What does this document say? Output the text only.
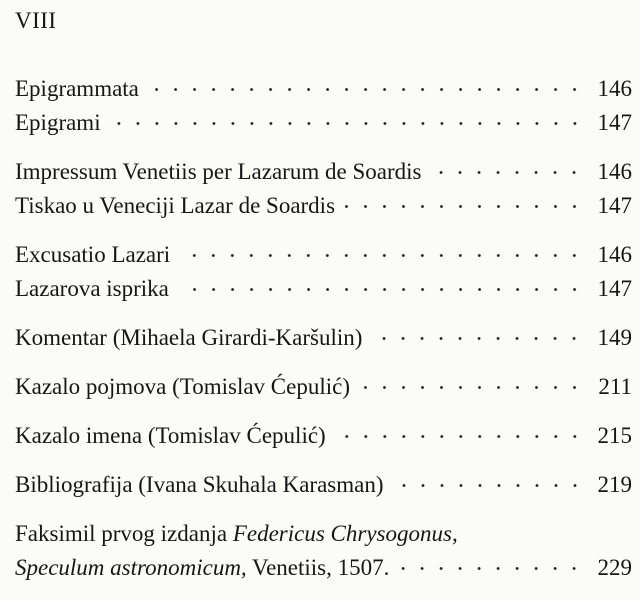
VIII
Epigrammata	146
Epigrami	147
Impressum Venetiis per Lazarum de Soardis	146
Tiskao u Veneciji Lazar de Soardis	147
Excusatio Lazari	146
Lazarova isprika	147
Komentar (Mihaela Girardi-Karšulin)	149
Kazalo pojmova (Tomislav Ćepulić)	211
Kazalo imena (Tomislav Ćepulić)	215
Bibliografija (Ivana Skuhala Karasman)	219
Faksimil prvog izdanja Federicus Chrysogonus,
Speculum astronomicum, Venetiis, 1507.	229
